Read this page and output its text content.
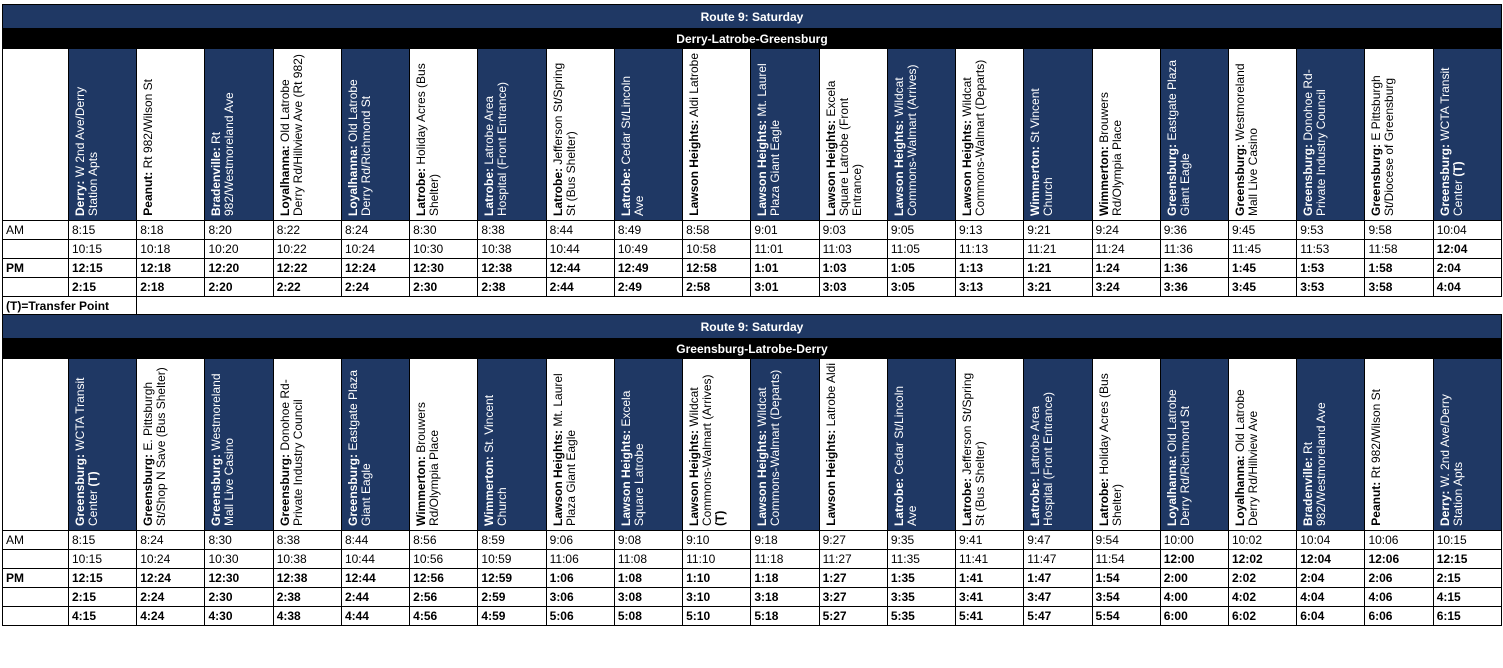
Route 9: Saturday																					
Derry-Latrobe-Greensburg																					

	Derry: W 2nd Ave/Derry Station Apts	Peanut: Rt 982/Wilson St	Bradenville: Rt 982/Westmoreland Ave	Loyalhanna: Old Latrobe Derry Rd/Hillview Ave (Rt 982)	Loyalhanna: Old Latrobe Derry Rd/Richmond St	Latrobe: Holiday Acres (Bus Shelter)	Latrobe: Latrobe Area Hospital (Front Entrance)	Latrobe: Jefferson St/Spring St (Bus Shelter)	Latrobe: Cedar St/Lincoln Ave	Lawson Heights: Aldi Latrobe	Lawson Heights: Mt. Laurel Plaza Giant Eagle	Lawson Heights: Excela Square Latrobe (Front Entrance)	Lawson Heights: Wildcat Commons-Walmart (Arrives)	Lawson Heights: Wildcat Commons-Walmart (Departs)	Wimmerton: St Vincent Church	Wimmerton: Brouwers Rd/Olympia Place	Greensburg: Eastgate Plaza Giant Eagle	Greensburg: Westmoreland Mall Live Casino	Greensburg: Donohoe Rd- Private Industry Council	Greensburg: E Pittsburgh St/Diocese of Greensburg	Greensburg: WCTA Transit Center (T)

AM	8:15	8:18	8:20	8:22	8:24	8:30	8:38	8:44	8:49	8:58	9:01	9:03	9:05	9:13	9:21	9:24	9:36	9:45	9:53	9:58	10:04
	10:15	10:18	10:20	10:22	10:24	10:30	10:38	10:44	10:49	10:58	11:01	11:03	11:05	11:13	11:21	11:24	11:36	11:45	11:53	11:58	12:04
PM	12:15	12:18	12:20	12:22	12:24	12:30	12:38	12:44	12:49	12:58	1:01	1:03	1:05	1:13	1:21	1:24	1:36	1:45	1:53	1:58	2:04
	2:15	2:18	2:20	2:22	2:24	2:30	2:38	2:44	2:49	2:58	3:01	3:03	3:05	3:13	3:21	3:24	3:36	3:45	3:53	3:58	4:04
(T)=Transfer Point																					
Route 9: Saturday																					
Greensburg-Latrobe-Derry																					

	Greensburg: WCTA Transit Center (T)	Greensburg: E. Pittsburgh St/Shop N Save (Bus Shelter)	Greensburg: Westmoreland Mall Live Casino	Greensburg: Donohoe Rd- Private Industry Council	Greensburg: Eastgate Plaza Giant Eagle	Wimmerton: Brouwers Rd/Olympia Place	Wimmerton: St. Vincent Church	Lawson Heights: Mt. Laurel Plaza Giant Eagle	Lawson Heights: Excela Square Latrobe	Lawson Heights: Wildcat Commons-Walmart (Arrives) (T)	Lawson Heights: Wildcat Commons-Walmart (Departs)	Lawson Heights: Latrobe Aldi	Latrobe: Cedar St/Lincoln Ave	Latrobe: Jefferson St/Spring St (Bus Shelter)	Latrobe: Latrobe Area Hospital (Front Entrance)	Latrobe: Holiday Acres (Bus Shelter)	Loyalhanna: Old Latrobe Derry Rd/Richmond St	Loyalhanna: Old Latrobe Derry Rd/Hillview Ave	Bradenville: Rt 982/Westmoreland Ave	Peanut: Rt 982/Wilson St	Derry: W. 2nd Ave/Derry Station Apts

AM	8:15	8:24	8:30	8:38	8:44	8:56	8:59	9:06	9:08	9:10	9:18	9:27	9:35	9:41	9:47	9:54	10:00	10:02	10:04	10:06	10:15
	10:15	10:24	10:30	10:38	10:44	10:56	10:59	11:06	11:08	11:10	11:18	11:27	11:35	11:41	11:47	11:54	12:00	12:02	12:04	12:06	12:15
PM	12:15	12:24	12:30	12:38	12:44	12:56	12:59	1:06	1:08	1:10	1:18	1:27	1:35	1:41	1:47	1:54	2:00	2:02	2:04	2:06	2:15
	2:15	2:24	2:30	2:38	2:44	2:56	2:59	3:06	3:08	3:10	3:18	3:27	3:35	3:41	3:47	3:54	4:00	4:02	4:04	4:06	4:15
	4:15	4:24	4:30	4:38	4:44	4:56	4:59	5:06	5:08	5:10	5:18	5:27	5:35	5:41	5:47	5:54	6:00	6:02	6:04	6:06	6:15
